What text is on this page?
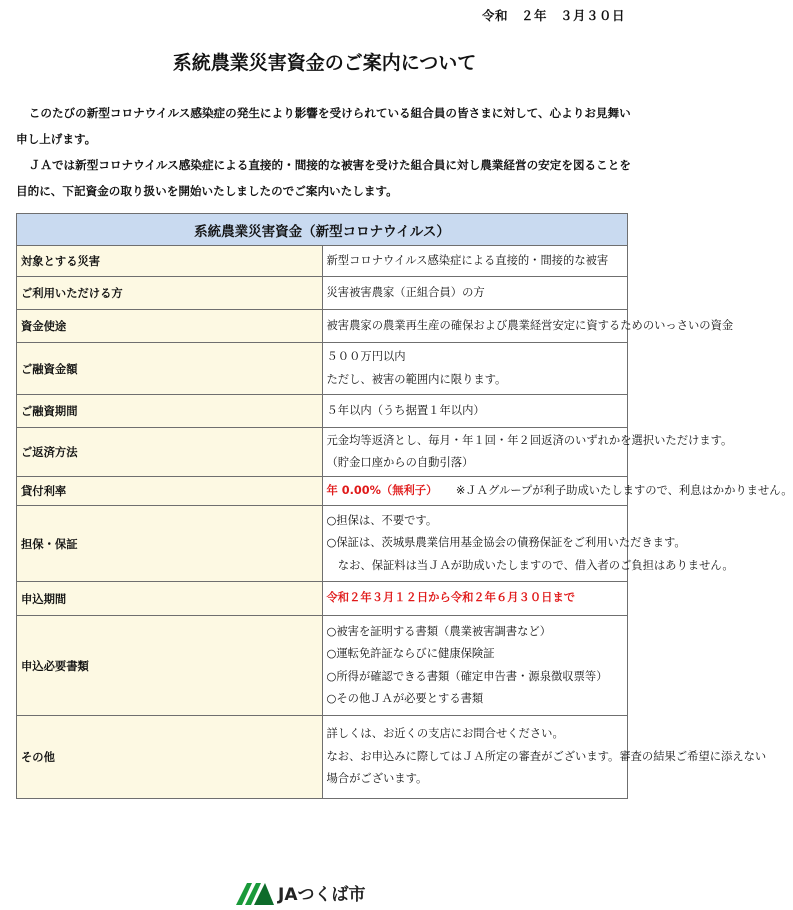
令和　２年　３月３０日
系統農業災害資金のご案内について

このたびの新型コロナウイルス感染症の発生により影響を受けられている組合員の皆さまに対して、心よりお見舞い申し上げます。

ＪＡでは新型コロナウイルス感染症による直接的・間接的な被害を受けた組合員に対し農業経営の安定を図ることを目的に、下記資金の取り扱いを開始いたしましたのでご案内いたします。

系統農業災害資金（新型コロナウイルス）	
対象とする災害	新型コロナウイルス感染症による直接的・間接的な被害

ご利用いただける方	災害被害農家（正組合員）の方

資金使途	被害農家の農業再生産の確保および農業経営安定に資するためのいっさいの資金

ご融資金額	５００万円以内
ただし、被害の範囲内に限ります。

ご融資期間	５年以内（うち据置１年以内）

ご返済方法	元金均等返済とし、毎月・年１回・年２回返済のいずれかを選択いただけます。
（貯金口座からの自動引落）

貸付利率	年 0.00%（無利子） 　 ※ＪＡグループが利子助成いたしますので、利息はかかりません。

担保・保証	○担保は、不要です。
○保証は、茨城県農業信用基金協会の債務保証をご利用いただきます。
　なお、保証料は当ＪＡが助成いたしますので、借入者のご負担はありません。

申込期間	令和２年３月１２日から令和２年６月３０日まで

申込必要書類	○被害を証明する書類（農業被害調書など）
○運転免許証ならびに健康保険証
○所得が確認できる書類（確定申告書・源泉徴収票等）
○その他ＪＡが必要とする書類

その他	詳しくは、お近くの支店にお問合せください。
なお、お申込みに際してはＪＡ所定の審査がございます。審査の結果ご希望に添えない
場合がございます。
JAつくば市
